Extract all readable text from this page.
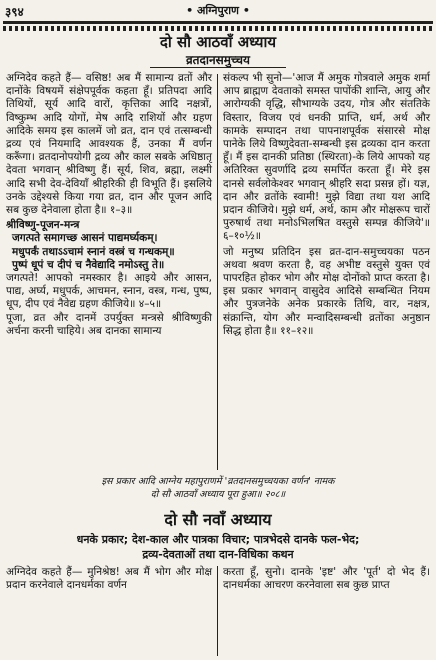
३९४	• अग्निपुराण •
दो सौ आठवाँ अध्याय
व्रतदानसमुच्चय

अग्निदेव कहते हैं— वसिष्ठ! अब मैं सामान्य व्रतों और दानोंके विषयमें संक्षेपपूर्वक कहता हूँ। प्रतिपदा आदि तिथियों, सूर्य आदि वारों, कृत्तिका आदि नक्षत्रों, विष्कुम्भ आदि योगों, मेष आदि राशियों और ग्रहण आदिके समय इस कालमें जो व्रत, दान एवं तत्सम्बन्धी द्रव्य एवं नियमादि आवश्यक हैं, उनका मैं वर्णन करूँगा। व्रतदानोपयोगी द्रव्य और काल सबके अधिष्ठातृ देवता भगवान् श्रीविष्णु हैं। सूर्य, शिव, ब्रह्मा, लक्ष्मी आदि सभी देव-देवियाँ श्रीहरिकी ही विभूति हैं। इसलिये उनके उद्देश्यसे किया गया व्रत, दान और पूजन आदि सब कुछ देनेवाला होता है॥ १–३॥

श्रीविष्णु-पूजन-मन्त्र

जगत्पते समागच्छ आसनं पाद्यमर्घ्यकम्।

मधुपर्कं तथाऽऽचामं स्नानं वस्त्रं च गन्धकम्॥

पुष्पं धूपं च दीपं च नैवेद्यादि नमोऽस्तु ते॥

जगत्पते! आपको नमस्कार है। आइये और आसन, पाद्य, अर्घ्य, मधुपर्क, आचमन, स्नान, वस्त्र, गन्ध, पुष्प, धूप, दीप एवं नैवेद्य ग्रहण कीजिये॥ ४–५॥

पूजा, व्रत और दानमें उपर्युक्त मन्त्रसे श्रीविष्णुकी अर्चना करनी चाहिये। अब दानका सामान्य

संकल्प भी सुनो—'आज मैं अमुक गोत्रवाले अमुक शर्मा आप ब्राह्मण देवताको समस्त पापोंकी शान्ति, आयु और आरोग्यकी वृद्धि, सौभाग्यके उदय, गोत्र और संततिके विस्तार, विजय एवं धनकी प्राप्ति, धर्म, अर्थ और कामके सम्पादन तथा पापनाशपूर्वक संसारसे मोक्ष पानेके लिये विष्णुदेवता-सम्बन्धी इस द्रव्यका दान करता हूँ। मैं इस दानकी प्रतिष्ठा (स्थिरता)-के लिये आपको यह अतिरिक्त सुवर्णादि द्रव्य समर्पित करता हूँ। मेरे इस दानसे सर्वलोकेश्वर भगवान् श्रीहरि सदा प्रसन्न हों। यज्ञ, दान और व्रतोंके स्वामी! मुझे विद्या तथा यश आदि प्रदान कीजिये। मुझे धर्म, अर्थ, काम और मोक्षरूप चारों पुरुषार्थ तथा मनोऽभिलषित वस्तुसे सम्पन्न कीजिये'॥ ६–१०½॥

जो मनुष्य प्रतिदिन इस व्रत-दान-समुच्चयका पठन अथवा श्रवण करता है, वह अभीष्ट वस्तुसे युक्त एवं पापरहित होकर भोग और मोक्ष दोनोंको प्राप्त करता है। इस प्रकार भगवान् वासुदेव आदिसे सम्बन्धित नियम और पुत्रजनेके अनेक प्रकारके तिथि, वार, नक्षत्र, संक्रान्ति, योग और मन्वादिसम्बन्धी व्रतोंका अनुष्ठान सिद्ध होता है॥ ११–१२॥

इस प्रकार आदि आग्नेय महापुराणमें 'व्रतदानसमुच्चयका वर्णन' नामक
दो सौ आठवाँ अध्याय पूरा हुआ॥ २०८॥
दो सौ नवाँ अध्याय
धनके प्रकार; देश-काल और पात्रका विचार; पात्रभेदसे दानके फल-भेद;
द्रव्य-देवताओं तथा दान-विधिका कथन

अग्निदेव कहते हैं— मुनिश्रेष्ठ! अब मैं भोग और मोक्ष प्रदान करनेवाले दानधर्मका वर्णन

करता हूँ, सुनो। दानके 'इष्ट' और 'पूर्त' दो भेद हैं। दानधर्मका आचरण करनेवाला सब कुछ प्राप्त
